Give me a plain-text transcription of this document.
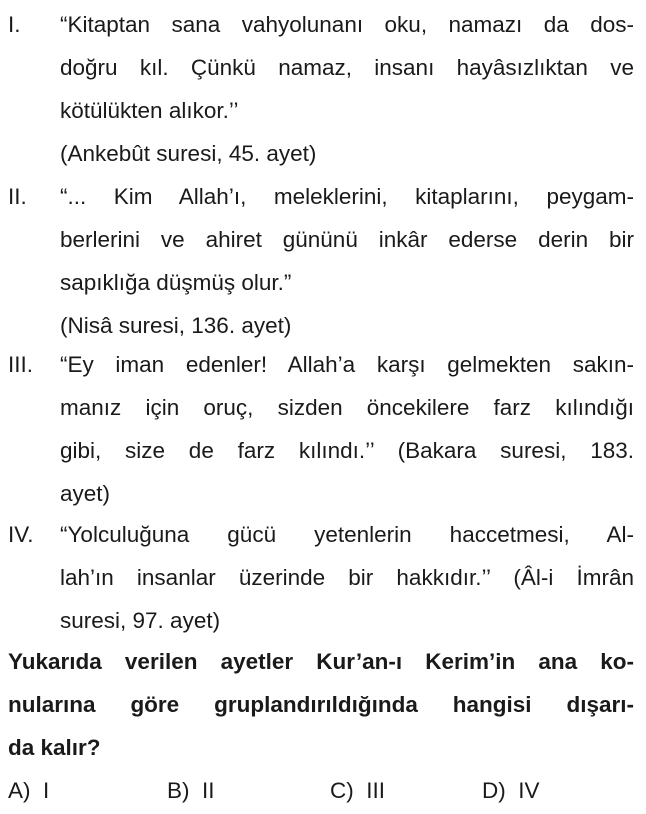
I. “Kitaptan sana vahyolunanı oku, namazı da dos-
doğru kıl. Çünkü namaz, insanı hayâsızlıktan ve
kötülükten alıkor.’’
(Ankebût suresi, 45. ayet)
II. “... Kim Allah’ı, meleklerini, kitaplarını, peygam-
berlerini ve ahiret gününü inkâr ederse derin bir
sapıklığa düşmüş olur.”
(Nisâ suresi, 136. ayet)
III. “Ey iman edenler! Allah’a karşı gelmekten sakın-
manız için oruç, sizden öncekilere farz kılındığı
gibi, size de farz kılındı.’’ (Bakara suresi, 183.
ayet)
IV. “Yolculuğuna gücü yetenlerin haccetmesi, Al-
lah’ın insanlar üzerinde bir hakkıdır.’’ (Âl-i İmrân
suresi, 97. ayet)
Yukarıda verilen ayetler Kur’an-ı Kerim’in ana ko-
nularına göre gruplandırıldığında hangisi dışarı-
da kalır?
A) I	B) II	C) III	D) IV
